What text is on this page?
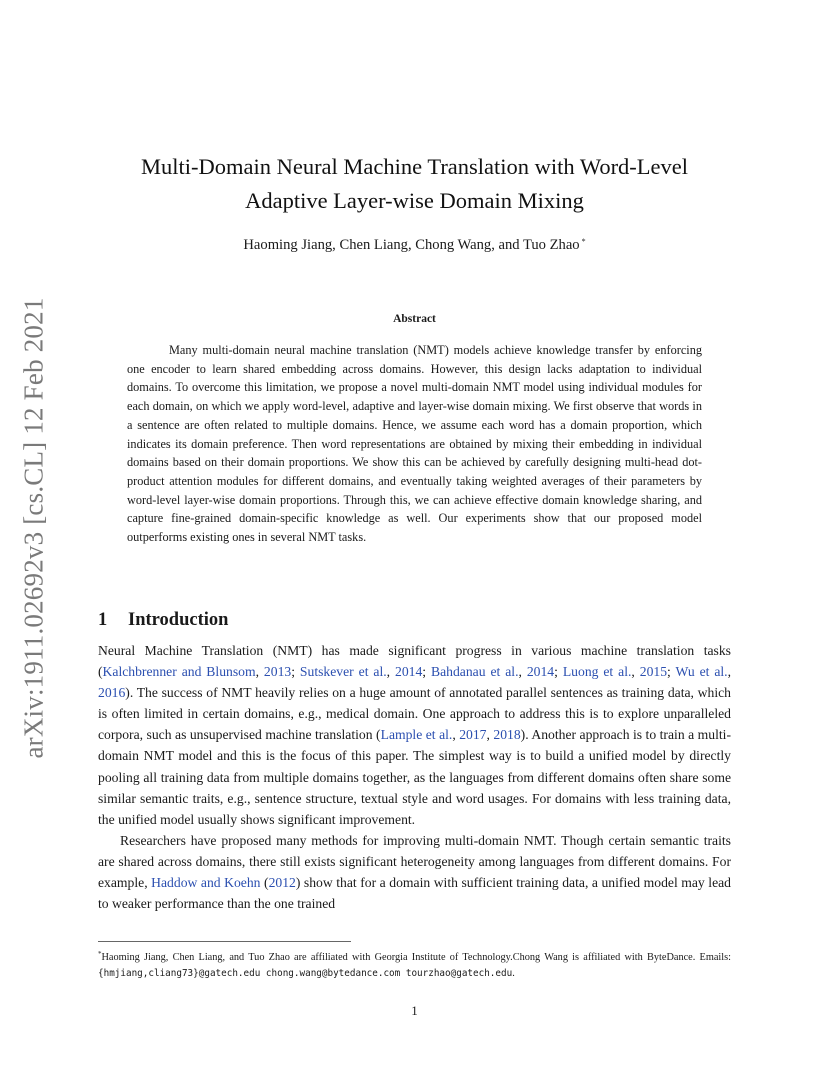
arXiv:1911.02692v3 [cs.CL] 12 Feb 2021
Multi-Domain Neural Machine Translation with Word-Level
Adaptive Layer-wise Domain Mixing
Haoming Jiang, Chen Liang, Chong Wang, and Tuo Zhao *
Abstract

Many multi-domain neural machine translation (NMT) models achieve knowledge transfer by enforcing one encoder to learn shared embedding across domains. However, this design lacks adaptation to individual domains. To overcome this limitation, we propose a novel multi-domain NMT model using individual modules for each domain, on which we apply word-level, adaptive and layer-wise domain mixing. We first observe that words in a sentence are often related to multiple domains. Hence, we assume each word has a domain proportion, which indicates its domain preference. Then word representations are obtained by mixing their embedding in individual domains based on their domain proportions. We show this can be achieved by carefully designing multi-head dot-product attention modules for different domains, and eventually taking weighted averages of their parameters by word-level layer-wise domain proportions. Through this, we can achieve effective domain knowledge sharing, and capture fine-grained domain-specific knowledge as well. Our experiments show that our proposed model outperforms existing ones in several NMT tasks.

1 Introduction

Neural Machine Translation (NMT) has made significant progress in various machine translation tasks (Kalchbrenner and Blunsom, 2013; Sutskever et al., 2014; Bahdanau et al., 2014; Luong et al., 2015; Wu et al., 2016). The success of NMT heavily relies on a huge amount of annotated parallel sentences as training data, which is often limited in certain domains, e.g., medical domain. One approach to address this is to explore unparalleled corpora, such as unsupervised machine translation (Lample et al., 2017, 2018). Another approach is to train a multi-domain NMT model and this is the focus of this paper. The simplest way is to build a unified model by directly pooling all training data from multiple domains together, as the languages from different domains often share some similar semantic traits, e.g., sentence structure, textual style and word usages. For domains with less training data, the unified model usually shows significant improvement.

Researchers have proposed many methods for improving multi-domain NMT. Though certain semantic traits are shared across domains, there still exists significant heterogeneity among languages from different domains. For example, Haddow and Koehn (2012) show that for a domain with sufficient training data, a unified model may lead to weaker performance than the one trained

*Haoming Jiang, Chen Liang, and Tuo Zhao are affiliated with Georgia Institute of Technology.Chong Wang is affiliated with ByteDance. Emails: {hmjiang,cliang73}@gatech.edu chong.wang@bytedance.com tourzhao@gatech.edu.

1
